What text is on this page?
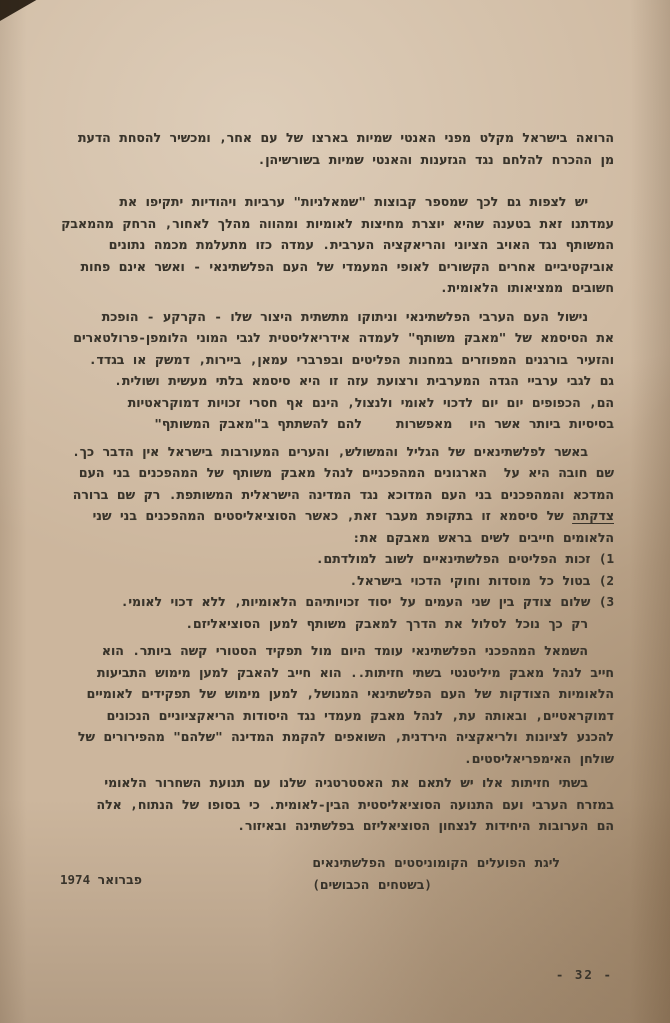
הרואה בישראל מקלט מפני האנטי שמיות בארצו של עם אחר, ומכשיר להסחת הדעת
מן ההכרח להלחם נגד הגזענות והאנטי שמיות בשורשיהן.

יש לצפות גם לכך שמספר קבוצות "שמאלניות" ערביות ויהודיות יתקיפו את
עמדתנו זאת בטענה שהיא יוצרת מחיצות לאומיות ומהווה מהלך לאחור, הרחק מהמאבק
המשותף נגד האויב הציוני והריאקציה הערבית. עמדה כזו מתעלמת מכמה נתונים
אוביקטיביים אחרים הקשורים לאופי המעמדי של העם הפלשתינאי - ואשר אינם פחות
חשובים ממציאותו הלאומית.

נישול העם הערבי הפלשתינאי וניתוקו מתשתית היצור שלו - הקרקע - הופכת
את הסיסמא של "מאבק משותף" לעמדה אידריאליסטית לגבי המוני הלומפן-פרולטארים
והזעיר בורגנים המפוזרים במחנות הפליטים ובפרברי עמאן, ביירות, דמשק או בגדד.
גם לגבי ערביי הגדה המערבית ורצועת עזה זו היא סיסמא בלתי מעשית ושולית.
הם, הכפופים יום יום לדכוי לאומי ולנצול, הינם אף חסרי זכויות דמוקראטיות
בסיסיות ביותר אשר היו  מאפשרות    להם להשתתף ב"מאבק המשותף"

באשר לפלשתינאים של הגליל והמשולש, והערים המעורבות בישראל אין הדבר כך.
שם חובה היא על  הארגונים המהפכניים לנהל מאבק משותף של המהפכנים בני העם
המדכא והמהפכנים בני העם המדוכא נגד המדינה הישראלית המשותפת. רק שם ברורה
צדקתה של סיסמא זו בתקופת מעבר זאת, כאשר הסוציאליסטים המהפכנים בני שני
הלאומים חייבים לשים בראש מאבקם את:
1) זכות הפליטים הפלשתינאיים לשוב למולדתם.
2) בטול כל מוסדות וחוקי הדכוי בישראל.
3) שלום צודק בין שני העמים על יסוד זכויותיהם הלאומיות, ללא דכוי לאומי.
רק כך נוכל לסלול את הדרך למאבק משותף למען הסוציאליזם.

השמאל המהפכני הפלשתינאי עומד היום מול תפקיד הסטורי קשה ביותר. הוא
חייב לנהל מאבק מיליטנטי בשתי חזיתות.. הוא חייב להאבק למען מימוש התביעות
הלאומיות הצודקות של העם הפלשתינאי המנושל, למען מימוש של תפקידים לאומיים
דמוקראטיים, ובאותה עת, לנהל מאבק מעמדי נגד היסודות הריאקציוניים הנכונים
להכנע לציונות ולריאקציה הירדנית, השואפים להקמת המדינה "שלהם" מהפירורים של
שולחן האימפריאליסטים.

בשתי חזיתות אלו יש לתאם את האסטרטגיה שלנו עם תנועת השחרור הלאומי
במזרח הערבי ועם התנועה הסוציאליסטית הבין-לאומית. כי בסופו של הנתוח, אלה
הם הערובות היחידות לנצחון הסוציאליזם בפלשתינה ובאיזור.

ליגת הפועלים הקומוניסטים הפלשתינאים
(בשטחים הכבושים)
פברואר 1974
- 32 -
